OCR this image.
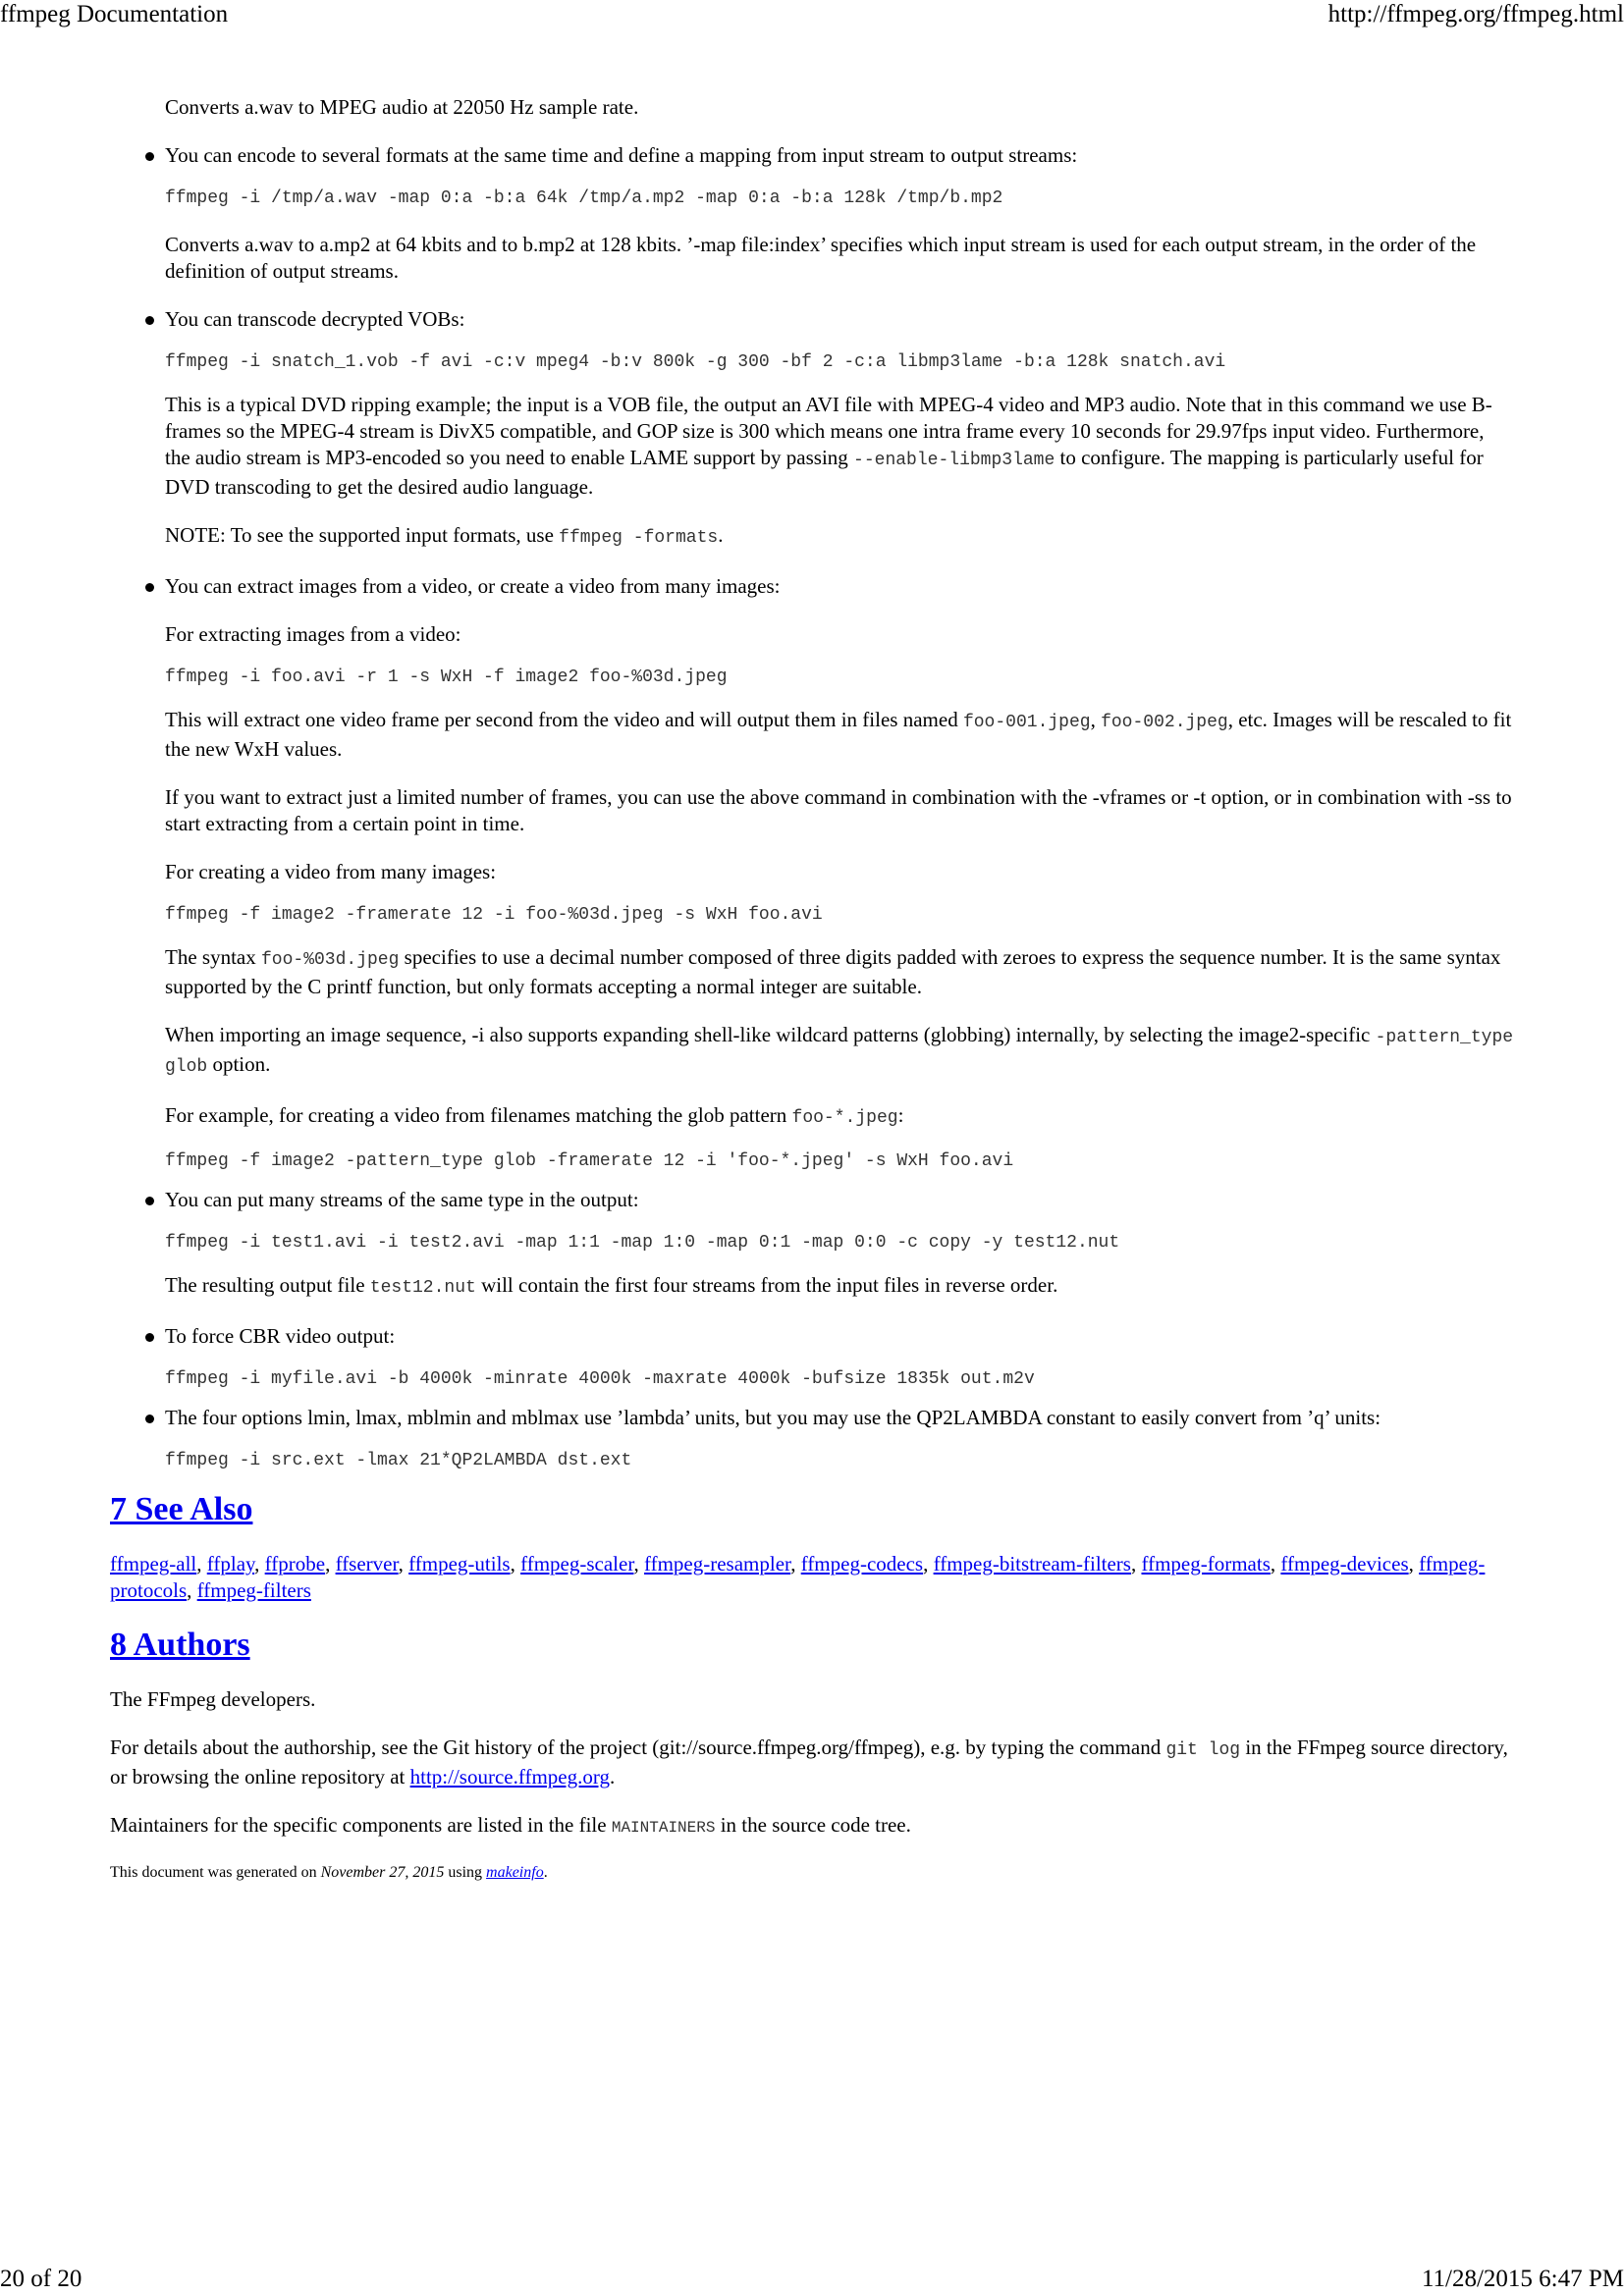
ffmpeg Documentation	http://ffmpeg.org/ffmpeg.html

Converts a.wav to MPEG audio at 22050 Hz sample rate.

You can encode to several formats at the same time and define a mapping from input stream to output streams:

ffmpeg -i /tmp/a.wav -map 0:a -b:a 64k /tmp/a.mp2 -map 0:a -b:a 128k /tmp/b.mp2

Converts a.wav to a.mp2 at 64 kbits and to b.mp2 at 128 kbits. ’-map file:index’ specifies which input stream is used for each output stream, in the order of the definition of output streams.

You can transcode decrypted VOBs:

ffmpeg -i snatch_1.vob -f avi -c:v mpeg4 -b:v 800k -g 300 -bf 2 -c:a libmp3lame -b:a 128k snatch.avi

This is a typical DVD ripping example; the input is a VOB file, the output an AVI file with MPEG-4 video and MP3 audio. Note that in this command we use B-frames so the MPEG-4 stream is DivX5 compatible, and GOP size is 300 which means one intra frame every 10 seconds for 29.97fps input video. Furthermore, the audio stream is MP3-encoded so you need to enable LAME support by passing --enable-libmp3lame to configure. The mapping is particularly useful for DVD transcoding to get the desired audio language.

NOTE: To see the supported input formats, use ffmpeg -formats.

You can extract images from a video, or create a video from many images:

For extracting images from a video:

ffmpeg -i foo.avi -r 1 -s WxH -f image2 foo-%03d.jpeg

This will extract one video frame per second from the video and will output them in files named foo-001.jpeg, foo-002.jpeg, etc. Images will be rescaled to fit the new WxH values.

If you want to extract just a limited number of frames, you can use the above command in combination with the -vframes or -t option, or in combination with -ss to start extracting from a certain point in time.

For creating a video from many images:

ffmpeg -f image2 -framerate 12 -i foo-%03d.jpeg -s WxH foo.avi

The syntax foo-%03d.jpeg specifies to use a decimal number composed of three digits padded with zeroes to express the sequence number. It is the same syntax supported by the C printf function, but only formats accepting a normal integer are suitable.

When importing an image sequence, -i also supports expanding shell-like wildcard patterns (globbing) internally, by selecting the image2-specific -pattern_type glob option.

For example, for creating a video from filenames matching the glob pattern foo-*.jpeg:

ffmpeg -f image2 -pattern_type glob -framerate 12 -i 'foo-*.jpeg' -s WxH foo.avi

You can put many streams of the same type in the output:

ffmpeg -i test1.avi -i test2.avi -map 1:1 -map 1:0 -map 0:1 -map 0:0 -c copy -y test12.nut

The resulting output file test12.nut will contain the first four streams from the input files in reverse order.

To force CBR video output:

ffmpeg -i myfile.avi -b 4000k -minrate 4000k -maxrate 4000k -bufsize 1835k out.m2v

The four options lmin, lmax, mblmin and mblmax use ’lambda’ units, but you may use the QP2LAMBDA constant to easily convert from ’q’ units:

ffmpeg -i src.ext -lmax 21*QP2LAMBDA dst.ext
7 See Also

ffmpeg-all, ffplay, ffprobe, ffserver, ffmpeg-utils, ffmpeg-scaler, ffmpeg-resampler, ffmpeg-codecs, ffmpeg-bitstream-filters, ffmpeg-formats, ffmpeg-devices, ffmpeg-protocols, ffmpeg-filters

8 Authors

The FFmpeg developers.

For details about the authorship, see the Git history of the project (git://source.ffmpeg.org/ffmpeg), e.g. by typing the command git log in the FFmpeg source directory, or browsing the online repository at http://source.ffmpeg.org.

Maintainers for the specific components are listed in the file MAINTAINERS in the source code tree.

This document was generated on November 27, 2015 using makeinfo.

20 of 20	11/28/2015 6:47 PM
